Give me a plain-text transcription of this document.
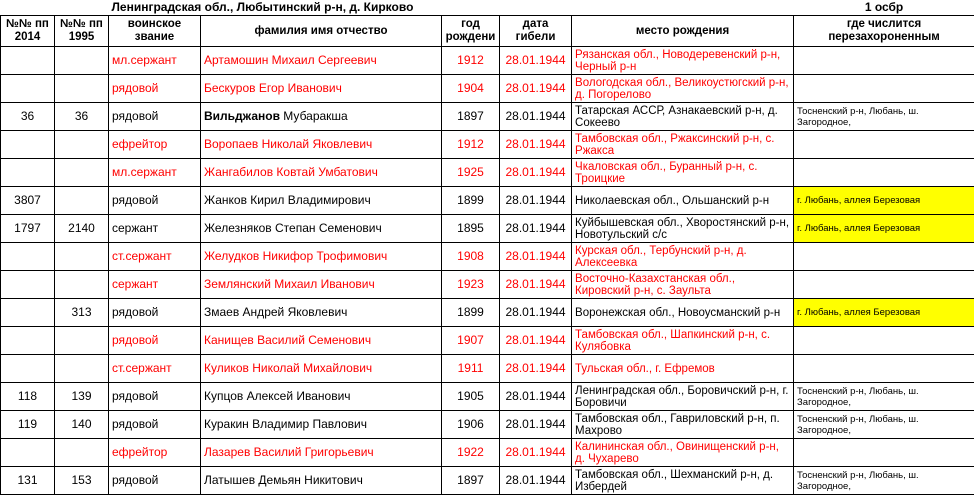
		Ленинградская обл., Любытинский р-н, д. Кирково					1 осбр
№№ пп 2014	№№ пп 1995	воинское звание	фамилия имя отчество	год рождени	дата гибели	место рождения	где числится перезахороненным
		мл.сержант	Артамошин Михаил Сергеевич	1912	28.01.1944	Рязанская обл., Новодеревенский р-н, Черный р-н	
		рядовой	Бескуров Егор Иванович	1904	28.01.1944	Вологодская обл., Великоустюгский р-н, д. Погорелово	
36	36	рядовой	Вильджанов Мубаракша	1897	28.01.1944	Татарская АССР, Азнакаевский р-н, д. Сокеево	Тосненский р-н, Любань, ш. Загородное,
		ефрейтор	Воропаев Николай Яковлевич	1912	28.01.1944	Тамбовская обл., Ржаксинский р-н, с. Ржакса	
		мл.сержант	Жангабилов Ковтай Умбатович	1925	28.01.1944	Чкаловская обл., Буранный р-н, с. Троицкие	
3807		рядовой	Жанков Кирил Владимирович	1899	28.01.1944	Николаевская обл., Ольшанский р-н	г. Любань, аллея Березовая
1797	2140	сержант	Железняков Степан Семенович	1895	28.01.1944	Куйбышевская обл., Хворостянский р-н, Новотульский с/с	г. Любань, аллея Березовая
		ст.сержант	Желудков Никифор Трофимович	1908	28.01.1944	Курская обл., Тербунский р-н, д. Алексеевка	
		сержант	Землянский Михаил Иванович	1923	28.01.1944	Восточно-Казахстанская обл., Кировский р-н, с. Заульта	
	313	рядовой	Змаев Андрей Яковлевич	1899	28.01.1944	Воронежская обл., Новоусманский р-н	г. Любань, аллея Березовая
		рядовой	Канищев Василий Семенович	1907	28.01.1944	Тамбовская обл., Шапкинский р-н, с. Кулябовка	
		ст.сержант	Куликов Николай Михайлович	1911	28.01.1944	Тульская обл., г. Ефремов	
118	139	рядовой	Купцов Алексей Иванович	1905	28.01.1944	Ленинградская обл., Боровичский р-н, г. Боровичи	Тосненский р-н, Любань, ш. Загородное,
119	140	рядовой	Куракин Владимир Павлович	1906	28.01.1944	Тамбовская обл., Гавриловский р-н, п. Махрово	Тосненский р-н, Любань, ш. Загородное,
		ефрейтор	Лазарев Василий Григорьевич	1922	28.01.1944	Калининская обл., Овинищенский р-н, д. Чухарево	
131	153	рядовой	Латышев Демьян Никитович	1897	28.01.1944	Тамбовская обл., Шехманский р-н, д. Избердей	Тосненский р-н, Любань, ш. Загородное,
